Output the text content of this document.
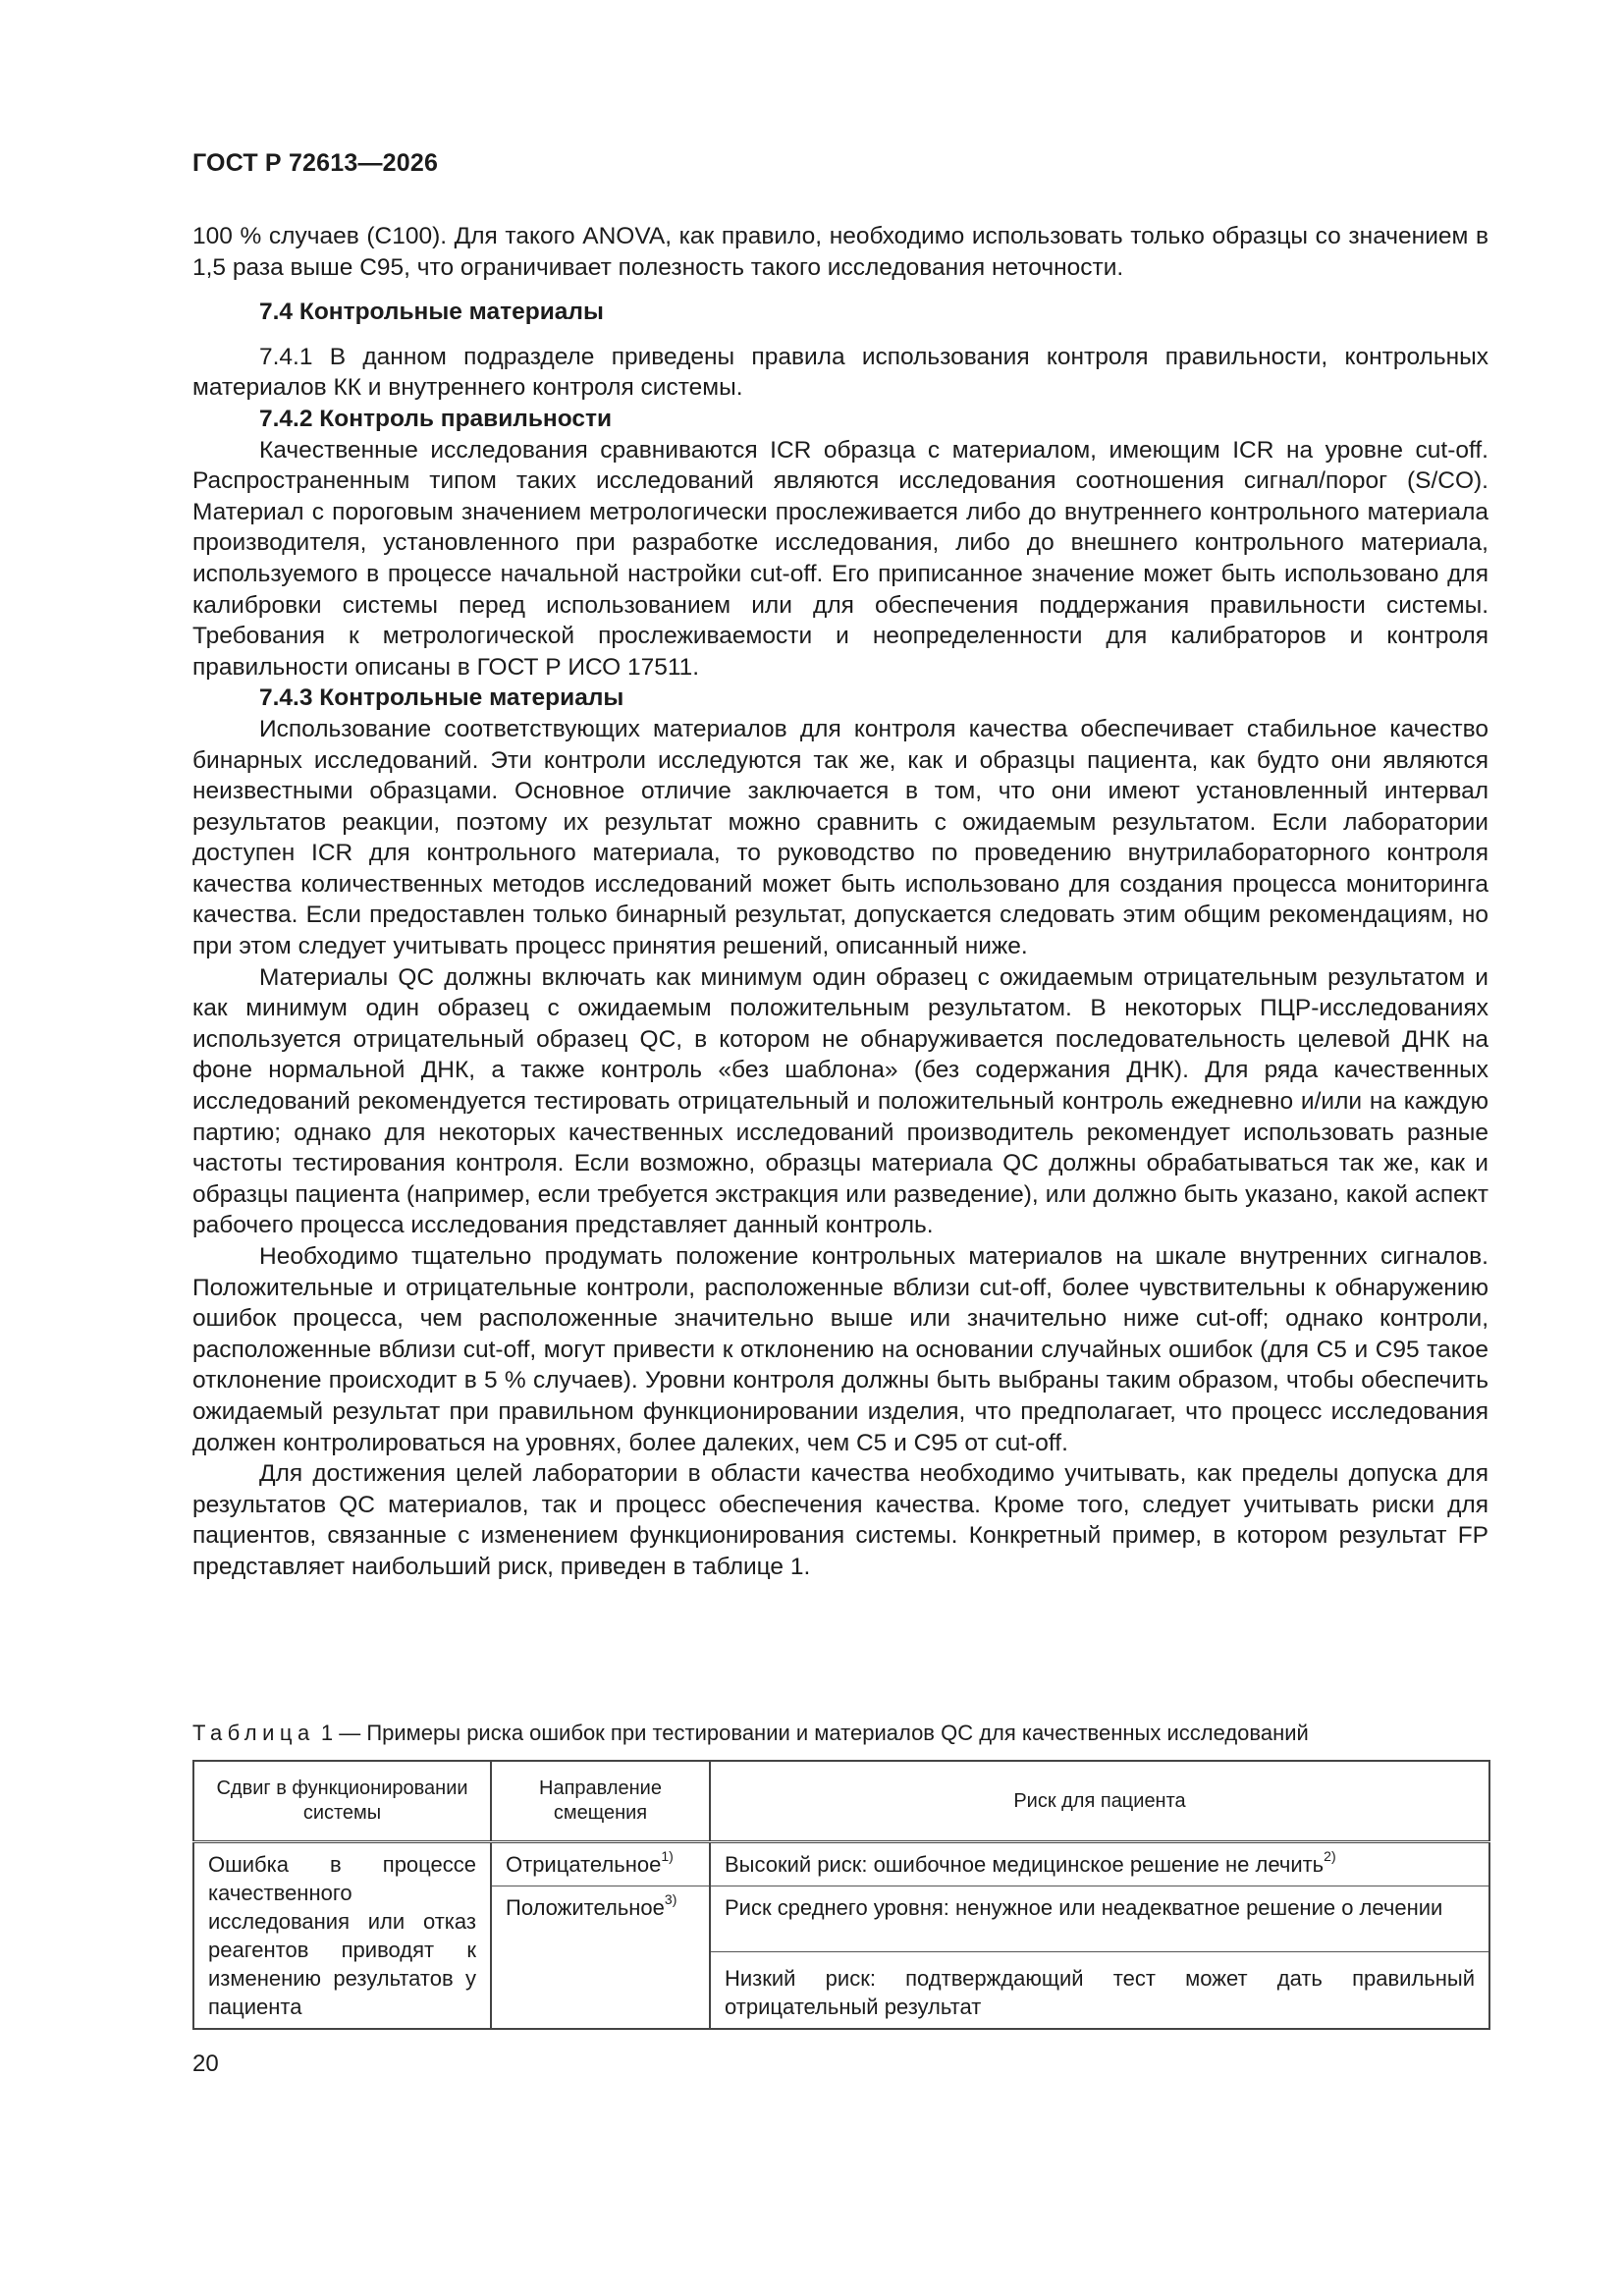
ГОСТ Р 72613—2026

100 % случаев (C100). Для такого ANOVA, как правило, необходимо использовать только образцы со значением в 1,5 раза выше C95, что ограничивает полезность такого исследования неточности.

7.4 Контрольные материалы

7.4.1 В данном подразделе приведены правила использования контроля правильности, контрольных материалов КК и внутреннего контроля системы.

7.4.2 Контроль правильности

Качественные исследования сравниваются ICR образца с материалом, имеющим ICR на уровне cut-off. Распространенным типом таких исследований являются исследования соотношения сигнал/порог (S/CO). Материал с пороговым значением метрологически прослеживается либо до внутреннего контрольного материала производителя, установленного при разработке исследования, либо до внешнего контрольного материала, используемого в процессе начальной настройки cut-off. Его приписанное значение может быть использовано для калибровки системы перед использованием или для обеспечения поддержания правильности системы. Требования к метрологической прослеживаемости и неопределенности для калибраторов и контроля правильности описаны в ГОСТ Р ИСО 17511.

7.4.3 Контрольные материалы

Использование соответствующих материалов для контроля качества обеспечивает стабильное качество бинарных исследований. Эти контроли исследуются так же, как и образцы пациента, как будто они являются неизвестными образцами. Основное отличие заключается в том, что они имеют установленный интервал результатов реакции, поэтому их результат можно сравнить с ожидаемым результатом. Если лаборатории доступен ICR для контрольного материала, то руководство по проведению внутрилабораторного контроля качества количественных методов исследований может быть использовано для создания процесса мониторинга качества. Если предоставлен только бинарный результат, допускается следовать этим общим рекомендациям, но при этом следует учитывать процесс принятия решений, описанный ниже.

Материалы QC должны включать как минимум один образец с ожидаемым отрицательным результатом и как минимум один образец с ожидаемым положительным результатом. В некоторых ПЦР-исследованиях используется отрицательный образец QC, в котором не обнаруживается последовательность целевой ДНК на фоне нормальной ДНК, а также контроль «без шаблона» (без содержания ДНК). Для ряда качественных исследований рекомендуется тестировать отрицательный и положительный контроль ежедневно и/или на каждую партию; однако для некоторых качественных исследований производитель рекомендует использовать разные частоты тестирования контроля. Если возможно, образцы материала QC должны обрабатываться так же, как и образцы пациента (например, если требуется экстракция или разведение), или должно быть указано, какой аспект рабочего процесса исследования представляет данный контроль.

Необходимо тщательно продумать положение контрольных материалов на шкале внутренних сигналов. Положительные и отрицательные контроли, расположенные вблизи cut-off, более чувствительны к обнаружению ошибок процесса, чем расположенные значительно выше или значительно ниже cut-off; однако контроли, расположенные вблизи cut-off, могут привести к отклонению на основании случайных ошибок (для C5 и C95 такое отклонение происходит в 5 % случаев). Уровни контроля должны быть выбраны таким образом, чтобы обеспечить ожидаемый результат при правильном функционировании изделия, что предполагает, что процесс исследования должен контролироваться на уровнях, более далеких, чем C5 и C95 от cut-off.

Для достижения целей лаборатории в области качества необходимо учитывать, как пределы допуска для результатов QC материалов, так и процесс обеспечения качества. Кроме того, следует учитывать риски для пациентов, связанные с изменением функционирования системы. Конкретный пример, в котором результат FP представляет наибольший риск, приведен в таблице 1.

Таблица 1 — Примеры риска ошибок при тестировании и материалов QC для качественных исследований
Сдвиг в функционировании системы	Направление смещения	Риск для пациента
Ошибка в процессе качественного исследования или отказ реагентов приводят к изменению результатов у пациента	Отрицательное$^{1)}$	Высокий риск: ошибочное медицинское решение не лечить$^{2)}$
	Положительное$^{3)}$	Риск среднего уровня: ненужное или неадекватное решение о лечении
		Низкий риск: подтверждающий тест может дать правильный отрицательный результат
20
